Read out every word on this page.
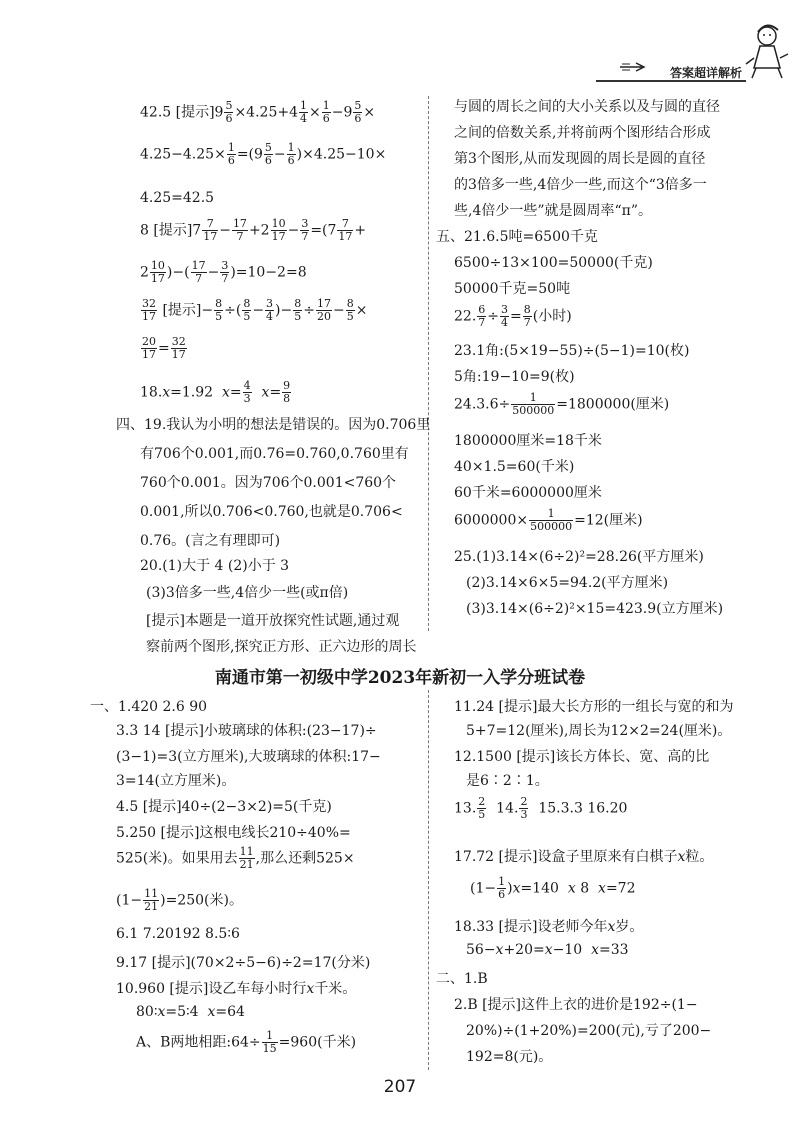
答案超详解析
42.5 [提示]$9 \frac{5}{6} \times 4.25+4 \frac{1}{4} \times \frac{1}{6} -9 \frac{5}{6}$ ×
$4.25-4.25\times \frac{1}{6} =(9 \frac{5}{6} - \frac{1}{6} )\times 4.25-10\times$
4.25=42.5
8 [提示]$7 \frac{7}{17} - \frac{17}{7} +2 \frac{10}{17} - \frac{3}{7} =(7 \frac{7}{17}$ +
$2 \frac{10}{17}$ )−( $\frac{17}{7} - \frac{3}{7} )=10-2=8$
$\frac{32}{17}$ [提示]− $\frac{8}{5}$ ÷( $\frac{8}{5} - \frac{3}{4}$ )− $\frac{8}{5} \div \frac{17}{20} - \frac{8}{5}$ ×
$\frac{20}{17} = \frac{32}{17}$
18.x=1.92 $x= \frac{4}{3} x= \frac{9}{8}$
四、19.我认为小明的想法是错误的。因为0.706里
有706个0.001,而0.76=0.760,0.760里有
760个0.001。因为706个0.001<760个
0.001,所以0.706<0.760,也就是0.706<
0.76。(言之有理即可)
20.(1)大于 4 (2)小于 3
(3)3倍多一些,4倍少一些(或π倍)
[提示]本题是一道开放探究性试题,通过观
察前两个图形,探究正方形、正六边形的周长
与圆的周长之间的大小关系以及与圆的直径
之间的倍数关系,并将前两个图形结合形成
第3个图形,从而发现圆的周长是圆的直径
的3倍多一些,4倍少一些,而这个“3倍多一
些,4倍少一些”就是圆周率“π”。
五、21.6.5吨=6500千克
6500÷13×100=50000(千克)
50000千克=50吨
22. $\frac{6}{7} \div \frac{3}{4} = \frac{8}{7}$ (小时)
23.1角:(5×19−55)÷(5−1)=10(枚)
5角:19−10=9(枚)
$24.3.6\div \frac{1}{500000} =1800000$(厘米)
1800000厘米=18千米
40×1.5=60(千米)
60千米=6000000厘米
$6000000\times \frac{1}{500000} =12$(厘米)
25.(1)3.14×(6÷2)²=28.26(平方厘米)
(2)3.14×6×5=94.2(平方厘米)
(3)3.14×(6÷2)²×15=423.9(立方厘米)
南通市第一初级中学2023年新初一入学分班试卷
一、1.420 2.6 90
3.3 14 [提示]小玻璃球的体积:(23−17)÷
(3−1)=3(立方厘米),大玻璃球的体积:17−
3=14(立方厘米)。
4.5 [提示]40÷(2−3×2)=5(千克)
5.250 [提示]这根电线长210÷40%=
525(米)。如果用去 $\frac{11}{21}$ ,那么还剩525×
$(1- \frac{11}{21} )=250$(米)。
6.1 7.20192 8.5∶6
9.17 [提示](70×2÷5−6)÷2=17(分米)
10.960 [提示]设乙车每小时行x千米。
80∶x=5∶4 x=64
A、B两地相距:64÷ $\frac{1}{15} =960$(千米)
11.24 [提示]最大长方形的一组长与宽的和为
5+7=12(厘米),周长为12×2=24(厘米)。
12.1500 [提示]该长方体长、宽、高的比
是6∶2∶1。
13. $\frac{2}{5} 14$. $\frac{2}{3} 15.3.3$ 16.20
17.72 [提示]设盒子里原来有白棋子x粒。
$(1- \frac{1}{6} )x=140$ x 8 x=72
18.33 [提示]设老师今年x岁。
56−x+20=x−10 x=33
二、1.B
2.B [提示]这件上衣的进价是192÷(1−
20%)÷(1+20%)=200(元),亏了200−
192=8(元)。
207
